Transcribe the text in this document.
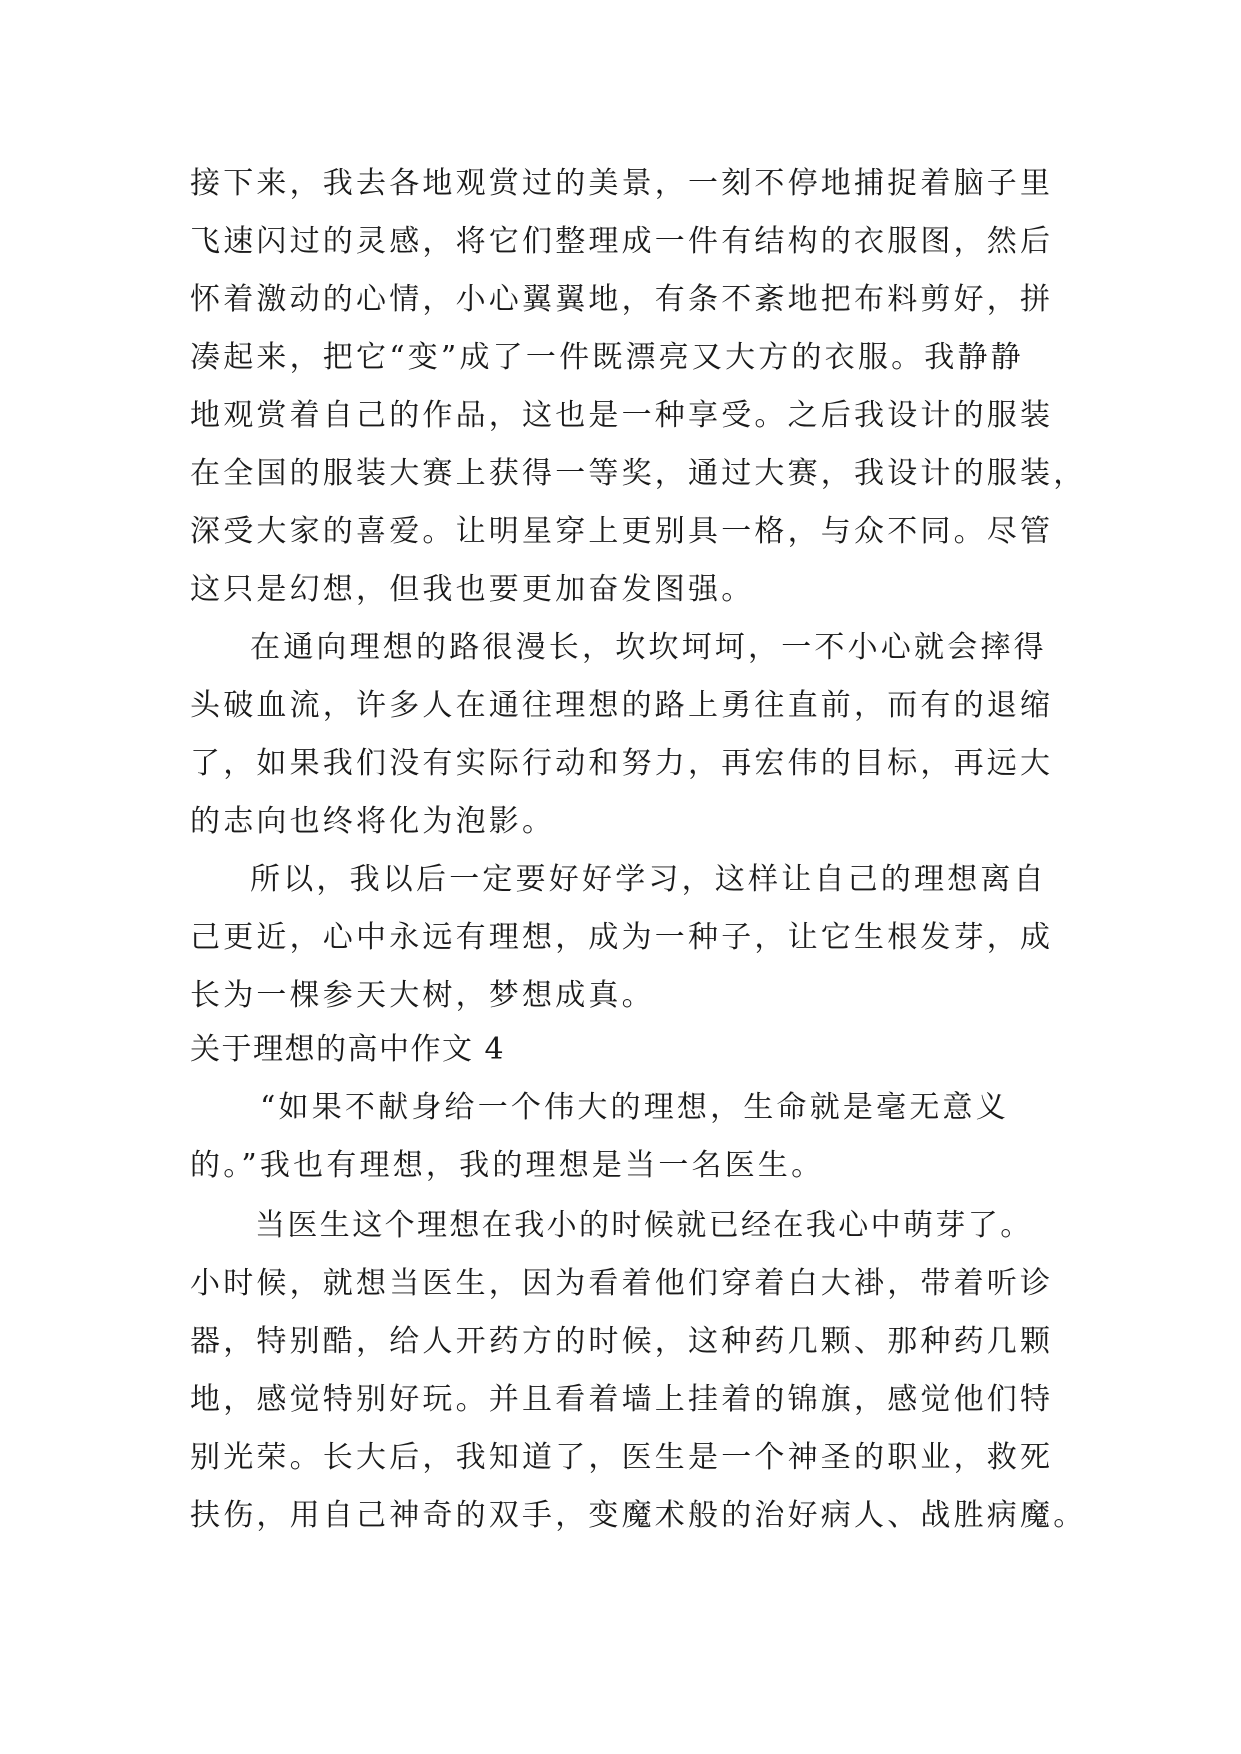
接下来，我去各地观赏过的美景，一刻不停地捕捉着脑子里
飞速闪过的灵感，将它们整理成一件有结构的衣服图，然后
怀着激动的心情，小心翼翼地，有条不紊地把布料剪好，拼
凑起来，把它“变”成了一件既漂亮又大方的衣服。我静静
地观赏着自己的作品，这也是一种享受。之后我设计的服装
在全国的服装大赛上获得一等奖，通过大赛，我设计的服装，
深受大家的喜爱。让明星穿上更别具一格，与众不同。尽管
这只是幻想，但我也要更加奋发图强。
在通向理想的路很漫长，坎坎坷坷，一不小心就会摔得
头破血流，许多人在通往理想的路上勇往直前，而有的退缩
了，如果我们没有实际行动和努力，再宏伟的目标，再远大
的志向也终将化为泡影。
所以，我以后一定要好好学习，这样让自己的理想离自
己更近，心中永远有理想，成为一种子，让它生根发芽，成
长为一棵参天大树，梦想成真。
关于理想的高中作文 4
“如果不献身给一个伟大的理想，生命就是毫无意义
的。”我也有理想，我的理想是当一名医生。
当医生这个理想在我小的时候就已经在我心中萌芽了。
小时候，就想当医生，因为看着他们穿着白大褂，带着听诊
器，特别酷，给人开药方的时候，这种药几颗、那种药几颗
地，感觉特别好玩。并且看着墙上挂着的锦旗，感觉他们特
别光荣。长大后，我知道了，医生是一个神圣的职业，救死
扶伤，用自己神奇的双手，变魔术般的治好病人、战胜病魔。
